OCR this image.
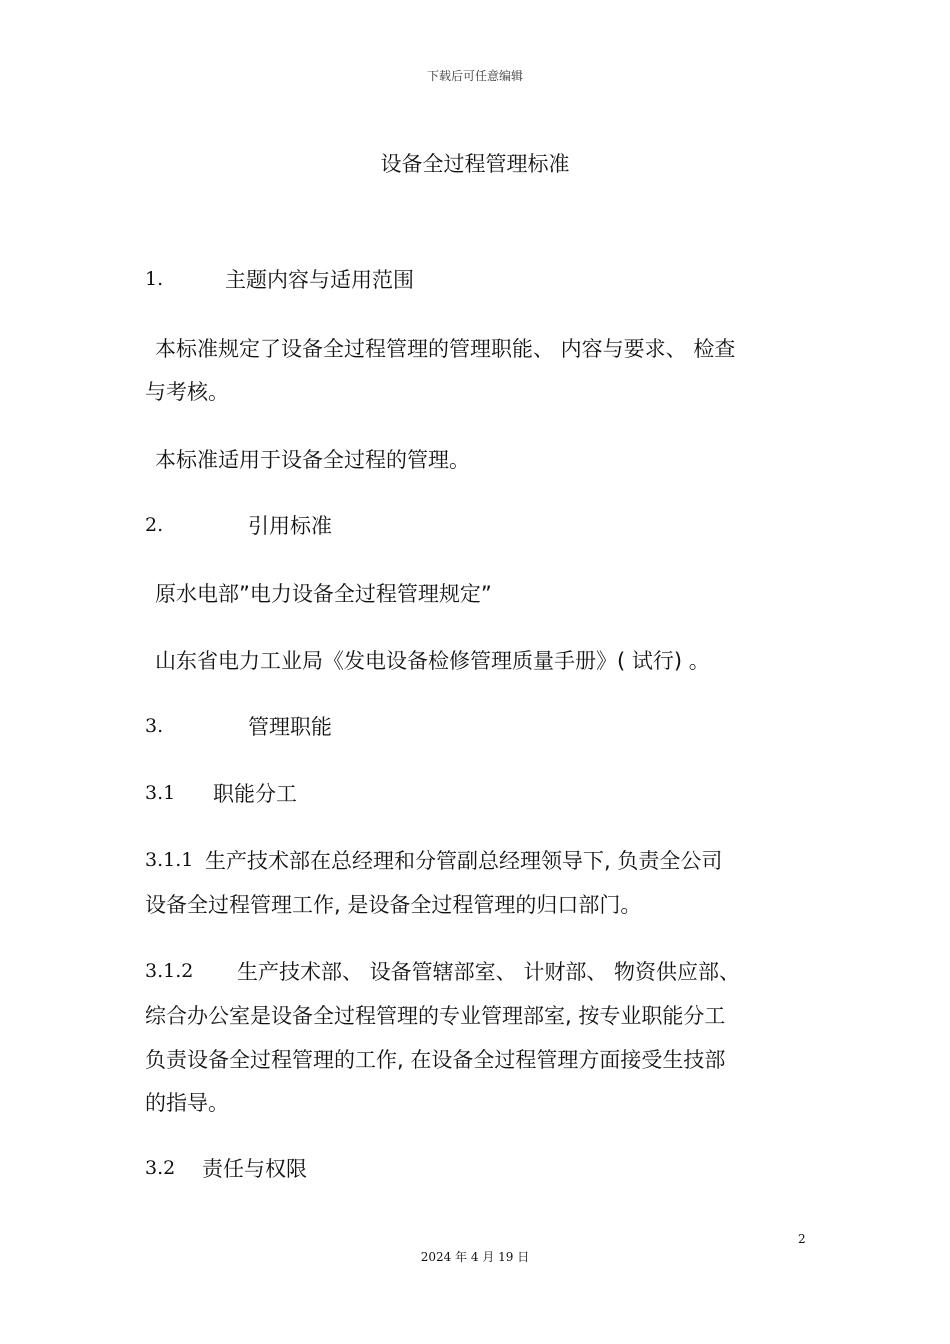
下载后可任意编辑
设备全过程管理标准
1.	主题内容与适用范围
本标准规定了设备全过程管理的管理职能、 内容与要求、 检查
与考核。
本标准适用于设备全过程的管理。
2.	引用标准
原水电部”电力设备全过程管理规定”
山东省电力工业局《发电设备检修管理质量手册》( 试行) 。
3.	管理职能
3.1 职能分工
3.1.1 生产技术部在总经理和分管副总经理领导下, 负责全公司
设备全过程管理工作, 是设备全过程管理的归口部门。
3.1.2 生产技术部、 设备管辖部室、 计财部、 物资供应部、
综合办公室是设备全过程管理的专业管理部室, 按专业职能分工
负责设备全过程管理的工作, 在设备全过程管理方面接受生技部
的指导。
3.2 责任与权限
2
2024 年 4 月 19 日
